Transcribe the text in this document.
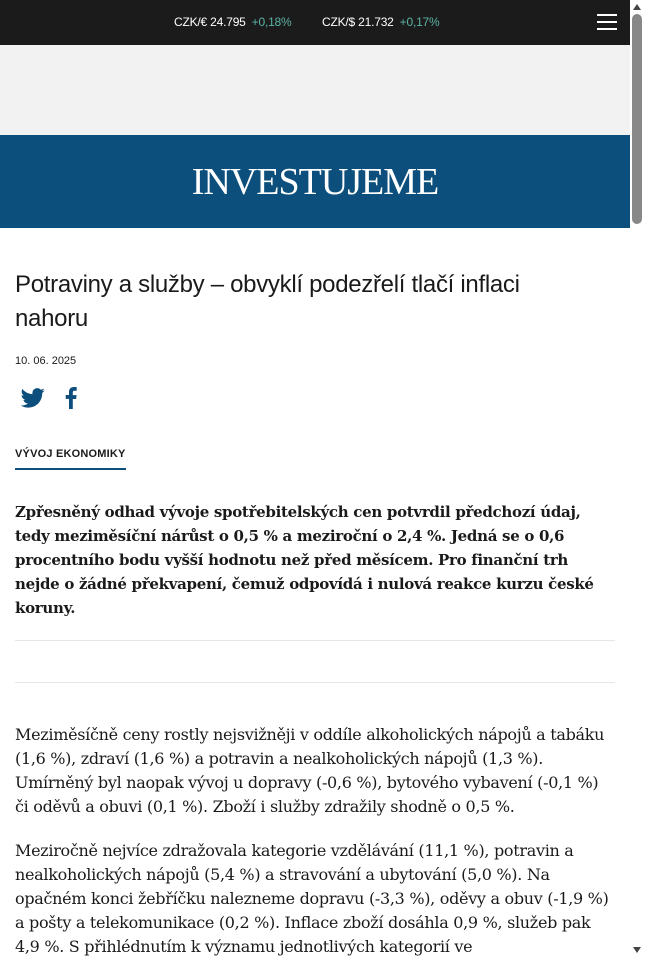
CZK/€ 24.795 +0,18%	CZK/$ 21.732 +0,17%
INVESTUJEME
Potraviny a služby – obvyklí podezřelí tlačí inflaci nahoru
10. 06. 2025
VÝVOJ EKONOMIKY

Zpřesněný odhad vývoje spotřebitelských cen potvrdil předchozí údaj, tedy meziměsíční nárůst o 0,5 % a meziroční o 2,4 %. Jedná se o 0,6 procentního bodu vyšší hodnotu než před měsícem. Pro finanční trh nejde o žádné překvapení, čemuž odpovídá i nulová reakce kurzu české koruny.

Meziměsíčně ceny rostly nejsvižněji v oddíle alkoholických nápojů a tabáku (1,6 %), zdraví (1,6 %) a potravin a nealkoholických nápojů (1,3 %). Umírněný byl naopak vývoj u dopravy (-0,6 %), bytového vybavení (-0,1 %) či oděvů a obuvi (0,1 %). Zboží i služby zdražily shodně o 0,5 %.

Meziročně nejvíce zdražovala kategorie vzdělávání (11,1 %), potravin a nealkoholických nápojů (5,4 %) a stravování a ubytování (5,0 %). Na opačném konci žebříčku nalezneme dopravu (-3,3 %), oděvy a obuv (-1,9 %) a pošty a telekomunikace (0,2 %). Inflace zboží dosáhla 0,9 %, služeb pak 4,9 %. S přihlédnutím k významu jednotlivých kategorií ve
